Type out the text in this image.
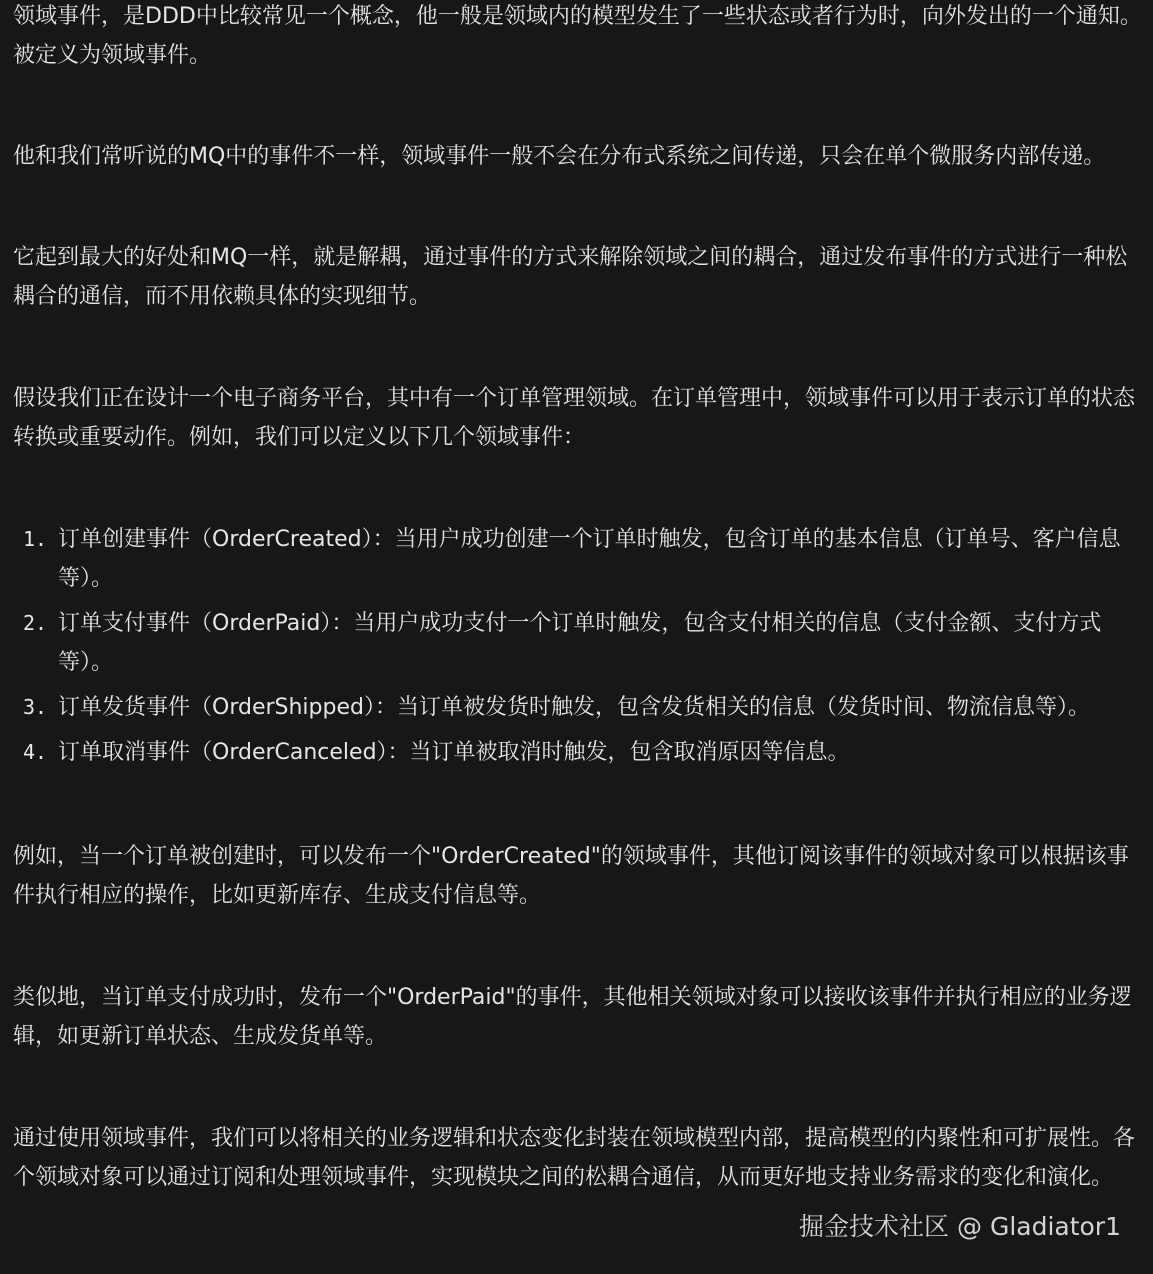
领域事件，是DDD中比较常见一个概念，他一般是领域内的模型发生了一些状态或者行为时，向外发出的一个通知。被定义为领域事件。

他和我们常听说的MQ中的事件不一样，领域事件一般不会在分布式系统之间传递，只会在单个微服务内部传递。

它起到最大的好处和MQ一样，就是解耦，通过事件的方式来解除领域之间的耦合，通过发布事件的方式进行一种松耦合的通信，而不用依赖具体的实现细节。

假设我们正在设计一个电子商务平台，其中有一个订单管理领域。在订单管理中，领域事件可以用于表示订单的状态转换或重要动作。例如，我们可以定义以下几个领域事件：

1. 订单创建事件（OrderCreated）：当用户成功创建一个订单时触发，包含订单的基本信息（订单号、客户信息等）。
2. 订单支付事件（OrderPaid）：当用户成功支付一个订单时触发，包含支付相关的信息（支付金额、支付方式等）。
3. 订单发货事件（OrderShipped）：当订单被发货时触发，包含发货相关的信息（发货时间、物流信息等）。
4. 订单取消事件（OrderCanceled）：当订单被取消时触发，包含取消原因等信息。

例如，当一个订单被创建时，可以发布一个"OrderCreated"的领域事件，其他订阅该事件的领域对象可以根据该事件执行相应的操作，比如更新库存、生成支付信息等。

类似地，当订单支付成功时，发布一个"OrderPaid"的事件，其他相关领域对象可以接收该事件并执行相应的业务逻辑，如更新订单状态、生成发货单等。

通过使用领域事件，我们可以将相关的业务逻辑和状态变化封装在领域模型内部，提高模型的内聚性和可扩展性。各个领域对象可以通过订阅和处理领域事件，实现模块之间的松耦合通信，从而更好地支持业务需求的变化和演化。

掘金技术社区 @ Gladiator1
